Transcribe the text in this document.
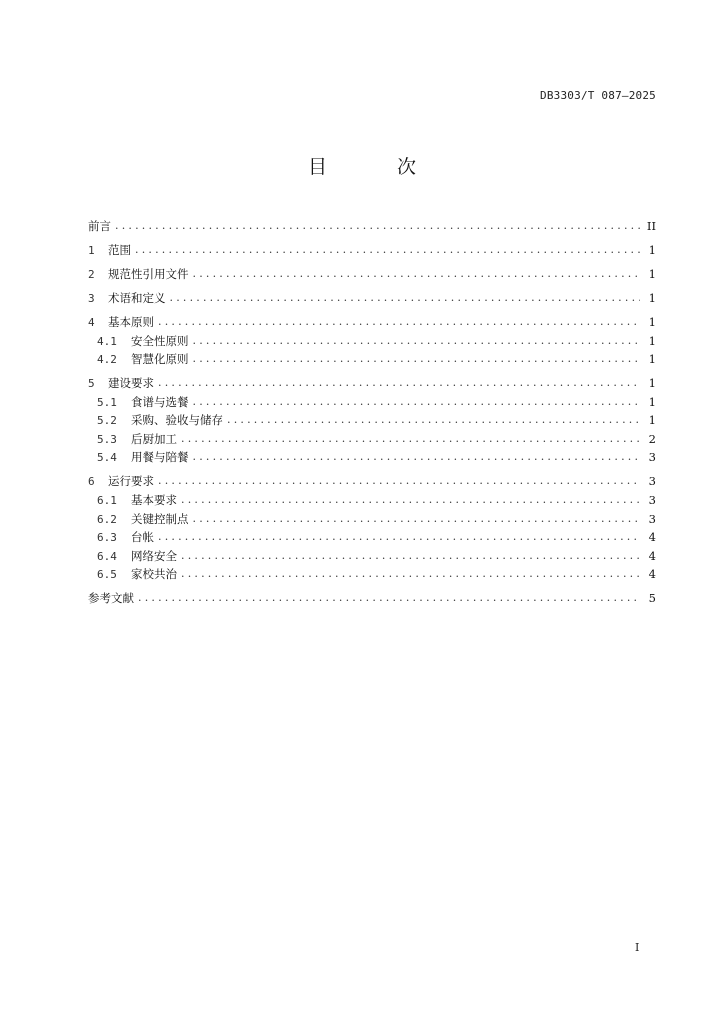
DB3303/T 087—2025
目 次
前言 .....	II
1	范围 .....	1
2	规范性引用文件 .....	1
3	术语和定义 .....	1
4	基本原则 .....	1
4.1	安全性原则 .....	1
4.2	智慧化原则 .....	1
5	建设要求 .....	1
5.1	食谱与选餐 .....	1
5.2	采购、验收与储存 .....	1
5.3	后厨加工 .....	2
5.4	用餐与陪餐 .....	3
6	运行要求 .....	3
6.1	基本要求 .....	3
6.2	关键控制点 .....	3
6.3	台帐 .....	4
6.4	网络安全 .....	4
6.5	家校共治 .....	4
参考文献 .....	5
I
